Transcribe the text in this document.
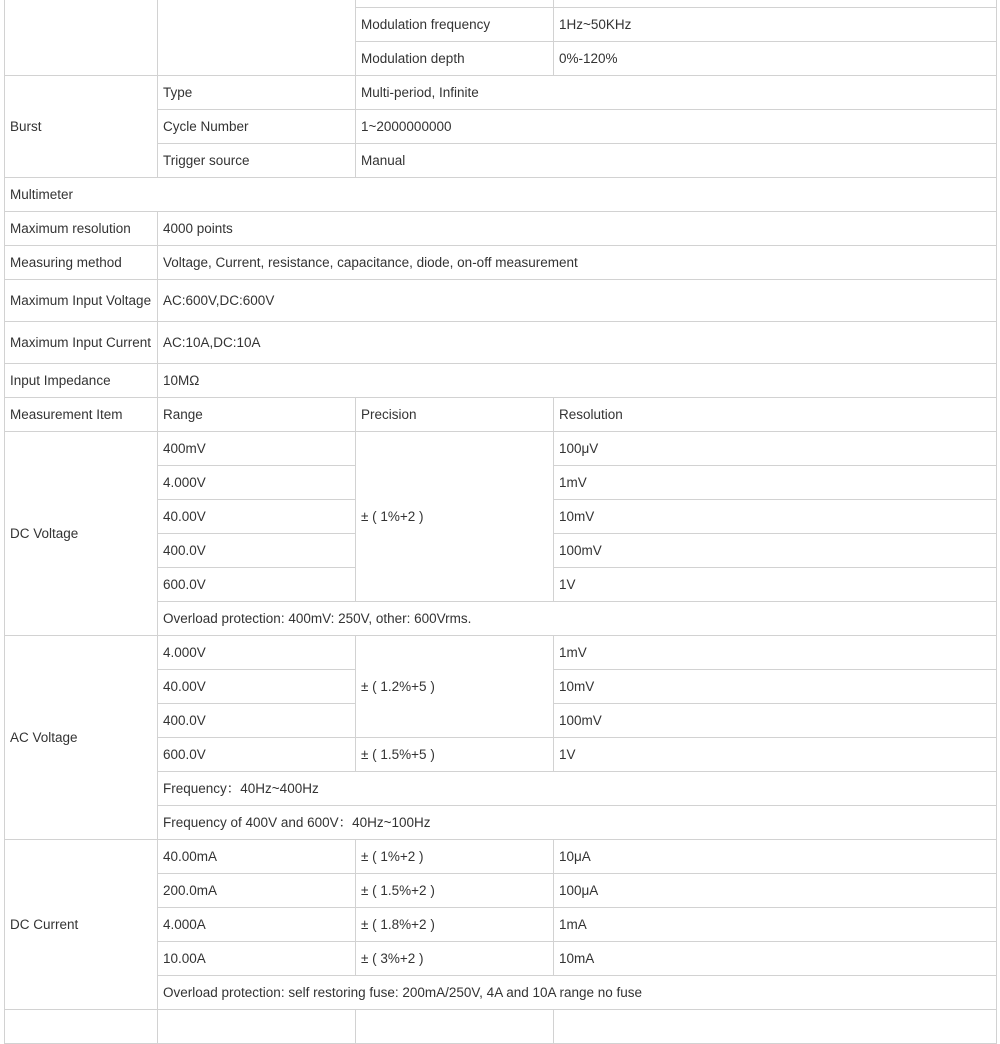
		Modulation frequency	1Hz~50KHz
		Modulation depth	0%-120%
Burst	Type	Multi-period, Infinite	
	Cycle Number	1~2000000000	
	Trigger source	Manual	
Multimeter			
Maximum resolution	4000 points		
Measuring method	Voltage, Current, resistance, capacitance, diode, on-off measurement		
Maximum Input Voltage	AC:600V,DC:600V		
Maximum Input Current	AC:10A,DC:10A		
Input Impedance	10MΩ		
Measurement Item	Range	Precision	Resolution
DC Voltage	400mV	± ( 1%+2 )	100μV
	4.000V		1mV
	40.00V		10mV
	400.0V		100mV
	600.0V		1V
	Overload protection: 400mV: 250V, other: 600Vrms.		
AC Voltage	4.000V	± ( 1.2%+5 )	1mV
	40.00V		10mV
	400.0V		100mV
	600.0V	± ( 1.5%+5 )	1V
	Frequency：40Hz~400Hz		
	Frequency of 400V and 600V：40Hz~100Hz		
DC Current	40.00mA	± ( 1%+2 )	10μA
	200.0mA	± ( 1.5%+2 )	100μA
	4.000A	± ( 1.8%+2 )	1mA
	10.00A	± ( 3%+2 )	10mA
	Overload protection: self restoring fuse: 200mA/250V, 4A and 10A range no fuse		
